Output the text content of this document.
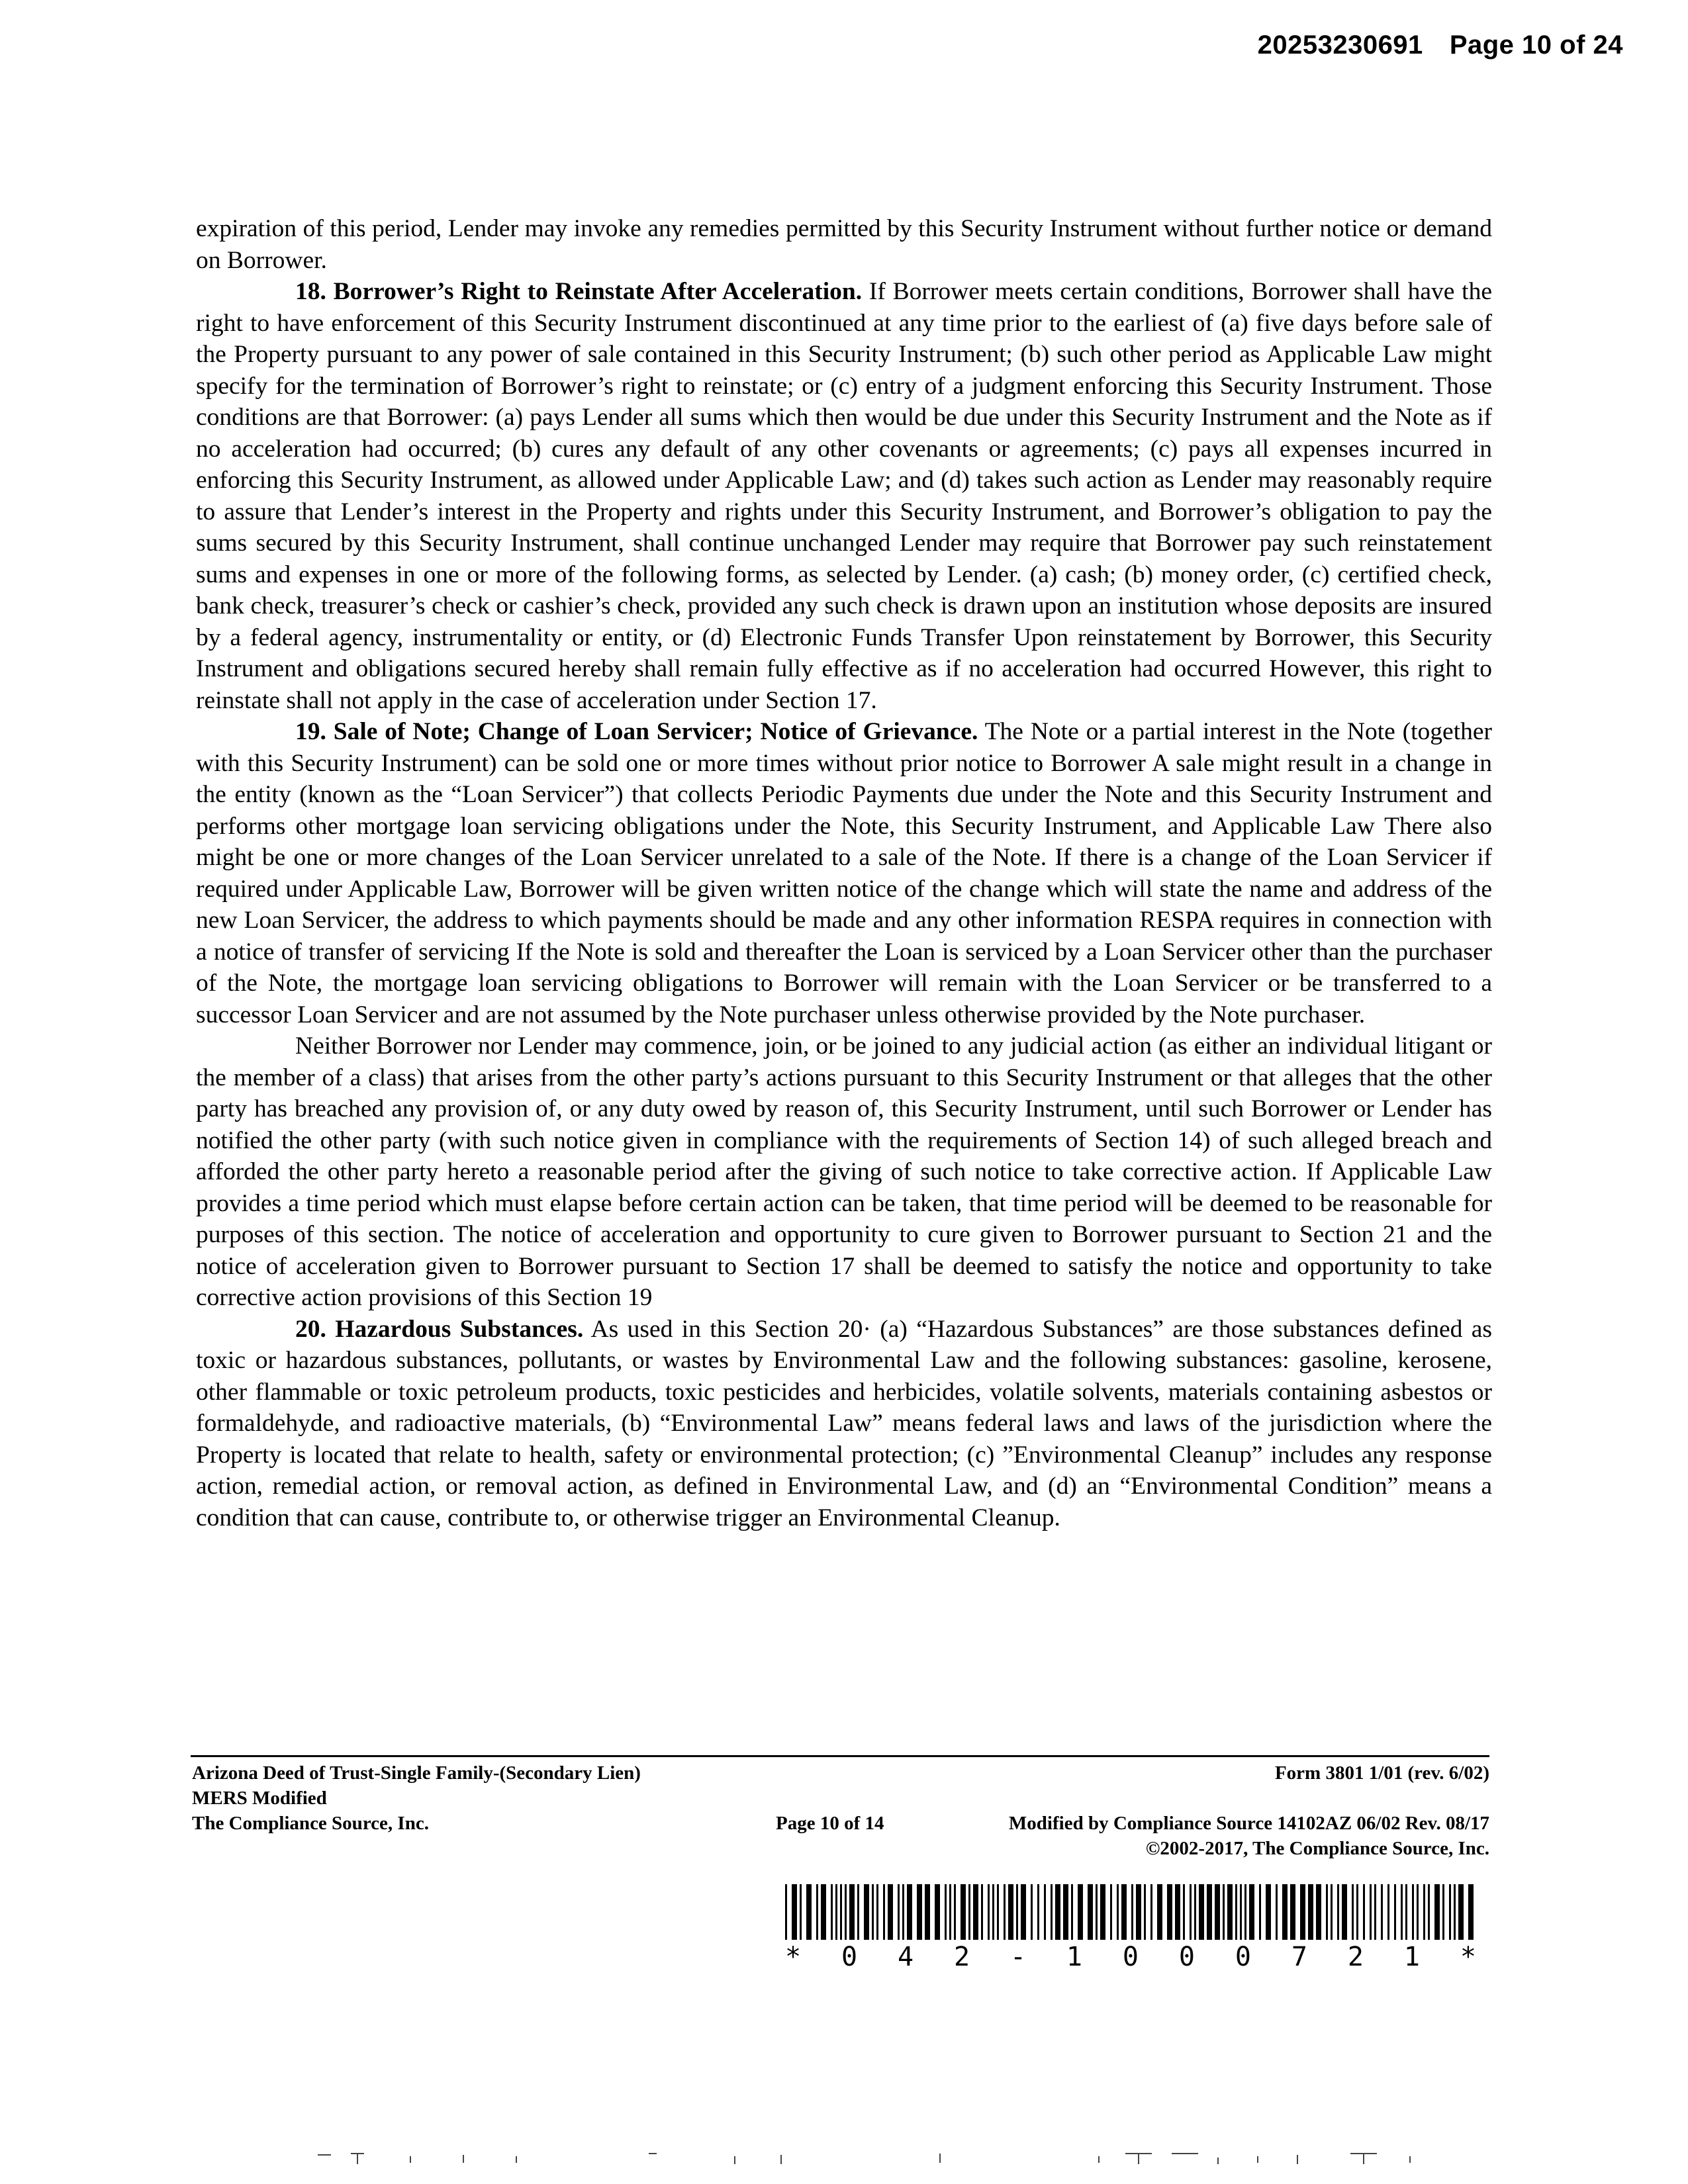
20253230691 Page 10 of 24

expiration of this period, Lender may invoke any remedies permitted by this Security Instrument without further notice or demand on Borrower.

18. Borrower’s Right to Reinstate After Acceleration. If Borrower meets certain conditions, Borrower shall have the right to have enforcement of this Security Instrument discontinued at any time prior to the earliest of (a) five days before sale of the Property pursuant to any power of sale contained in this Security Instrument; (b) such other period as Applicable Law might specify for the termination of Borrower’s right to reinstate; or (c) entry of a judgment enforcing this Security Instrument. Those conditions are that Borrower: (a) pays Lender all sums which then would be due under this Security Instrument and the Note as if no acceleration had occurred; (b) cures any default of any other covenants or agreements; (c) pays all expenses incurred in enforcing this Security Instrument, as allowed under Applicable Law; and (d) takes such action as Lender may reasonably require to assure that Lender’s interest in the Property and rights under this Security Instrument, and Borrower’s obligation to pay the sums secured by this Security Instrument, shall continue unchanged Lender may require that Borrower pay such reinstatement sums and expenses in one or more of the following forms, as selected by Lender. (a) cash; (b) money order, (c) certified check, bank check, treasurer’s check or cashier’s check, provided any such check is drawn upon an institution whose deposits are insured by a federal agency, instrumentality or entity, or (d) Electronic Funds Transfer Upon reinstatement by Borrower, this Security Instrument and obligations secured hereby shall remain fully effective as if no acceleration had occurred However, this right to reinstate shall not apply in the case of acceleration under Section 17.

19. Sale of Note; Change of Loan Servicer; Notice of Grievance. The Note or a partial interest in the Note (together with this Security Instrument) can be sold one or more times without prior notice to Borrower A sale might result in a change in the entity (known as the “Loan Servicer”) that collects Periodic Payments due under the Note and this Security Instrument and performs other mortgage loan servicing obligations under the Note, this Security Instrument, and Applicable Law There also might be one or more changes of the Loan Servicer unrelated to a sale of the Note. If there is a change of the Loan Servicer if required under Applicable Law, Borrower will be given written notice of the change which will state the name and address of the new Loan Servicer, the address to which payments should be made and any other information RESPA requires in connection with a notice of transfer of servicing If the Note is sold and thereafter the Loan is serviced by a Loan Servicer other than the purchaser of the Note, the mortgage loan servicing obligations to Borrower will remain with the Loan Servicer or be transferred to a successor Loan Servicer and are not assumed by the Note purchaser unless otherwise provided by the Note purchaser.

Neither Borrower nor Lender may commence, join, or be joined to any judicial action (as either an individual litigant or the member of a class) that arises from the other party’s actions pursuant to this Security Instrument or that alleges that the other party has breached any provision of, or any duty owed by reason of, this Security Instrument, until such Borrower or Lender has notified the other party (with such notice given in compliance with the requirements of Section 14) of such alleged breach and afforded the other party hereto a reasonable period after the giving of such notice to take corrective action. If Applicable Law provides a time period which must elapse before certain action can be taken, that time period will be deemed to be reasonable for purposes of this section. The notice of acceleration and opportunity to cure given to Borrower pursuant to Section 21 and the notice of acceleration given to Borrower pursuant to Section 17 shall be deemed to satisfy the notice and opportunity to take corrective action provisions of this Section 19

20. Hazardous Substances. As used in this Section 20· (a) “Hazardous Substances” are those substances defined as toxic or hazardous substances, pollutants, or wastes by Environmental Law and the following substances: gasoline, kerosene, other flammable or toxic petroleum products, toxic pesticides and herbicides, volatile solvents, materials containing asbestos or formaldehyde, and radioactive materials, (b) “Environmental Law” means federal laws and laws of the jurisdiction where the Property is located that relate to health, safety or environmental protection; (c) ”Environmental Cleanup” includes any response action, remedial action, or removal action, as defined in Environmental Law, and (d) an “Environmental Condition” means a condition that can cause, contribute to, or otherwise trigger an Environmental Cleanup.

Arizona Deed of Trust-Single Family-(Secondary Lien)
MERS Modified
The Compliance Source, Inc.
Form 3801 1/01 (rev. 6/02)
Page 10 of 14	Modified by Compliance Source 14102AZ 06/02 Rev. 08/17
©2002-2017, The Compliance Source, Inc.
* 0 4 2 - 1 0 0 0 7 2 1 *
